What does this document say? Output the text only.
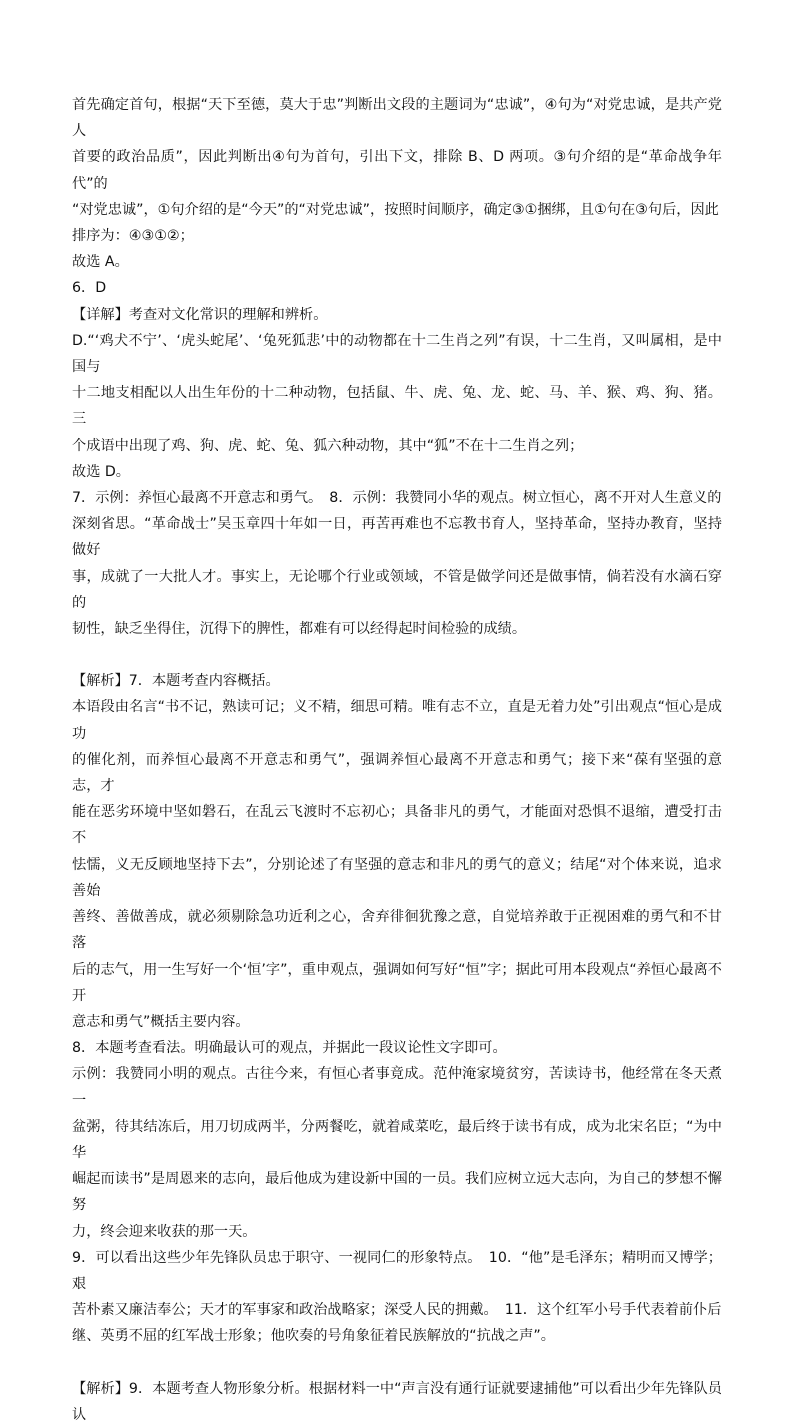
首先确定首句，根据“天下至德，莫大于忠”判断出文段的主题词为“忠诚”，④句为“对党忠诚，是共产党人

首要的政治品质”，因此判断出④句为首句，引出下文，排除 B、D 两项。③句介绍的是“革命战争年代”的

“对党忠诚”，①句介绍的是“今天”的“对党忠诚”，按照时间顺序，确定③①捆绑，且①句在③句后，因此

排序为：④③①②；

故选 A。

6．D

【详解】考查对文化常识的理解和辨析。

D.“‘鸡犬不宁’、‘虎头蛇尾’、‘兔死狐悲’中的动物都在十二生肖之列”有误，十二生肖，又叫属相，是中国与

十二地支相配以人出生年份的十二种动物，包括鼠、牛、虎、兔、龙、蛇、马、羊、猴、鸡、狗、猪。三

个成语中出现了鸡、狗、虎、蛇、兔、狐六种动物，其中“狐”不在十二生肖之列；

故选 D。

7．示例：养恒心最离不开意志和勇气。　8．示例：我赞同小华的观点。树立恒心，离不开对人生意义的

深刻省思。“革命战士”吴玉章四十年如一日，再苦再难也不忘教书育人，坚持革命，坚持办教育，坚持做好

事，成就了一大批人才。事实上，无论哪个行业或领域，不管是做学问还是做事情，倘若没有水滴石穿的

韧性，缺乏坐得住，沉得下的脾性，都难有可以经得起时间检验的成绩。

【解析】7．本题考查内容概括。

本语段由名言“书不记，熟读可记；义不精，细思可精。唯有志不立，直是无着力处”引出观点“恒心是成功

的催化剂，而养恒心最离不开意志和勇气”，强调养恒心最离不开意志和勇气；接下来“葆有坚强的意志，才

能在恶劣环境中坚如磐石，在乱云飞渡时不忘初心；具备非凡的勇气，才能面对恐惧不退缩，遭受打击不

怯懦，义无反顾地坚持下去”，分别论述了有坚强的意志和非凡的勇气的意义；结尾“对个体来说，追求善始

善终、善做善成，就必须剔除急功近利之心，舍弃徘徊犹豫之意，自觉培养敢于正视困难的勇气和不甘落

后的志气，用一生写好一个‘恒’字”，重申观点，强调如何写好“恒”字；据此可用本段观点“养恒心最离不开

意志和勇气”概括主要内容。

8．本题考查看法。明确最认可的观点，并据此一段议论性文字即可。

示例：我赞同小明的观点。古往今来，有恒心者事竟成。范仲淹家境贫穷，苦读诗书，他经常在冬天煮一

盆粥，待其结冻后，用刀切成两半，分两餐吃，就着咸菜吃，最后终于读书有成，成为北宋名臣；“为中华

崛起而读书”是周恩来的志向，最后他成为建设新中国的一员。我们应树立远大志向，为自己的梦想不懈努

力，终会迎来收获的那一天。

9．可以看出这些少年先锋队员忠于职守、一视同仁的形象特点。　10．“他”是毛泽东；精明而又博学；艰

苦朴素又廉洁奉公；天才的军事家和政治战略家；深受人民的拥戴。　11．这个红军小号手代表着前仆后

继、英勇不屈的红军战士形象；他吹奏的号角象征着民族解放的“抗战之声”。

【解析】9．本题考查人物形象分析。根据材料一中“声言没有通行证就要逮捕他”可以看出少年先锋队员认
